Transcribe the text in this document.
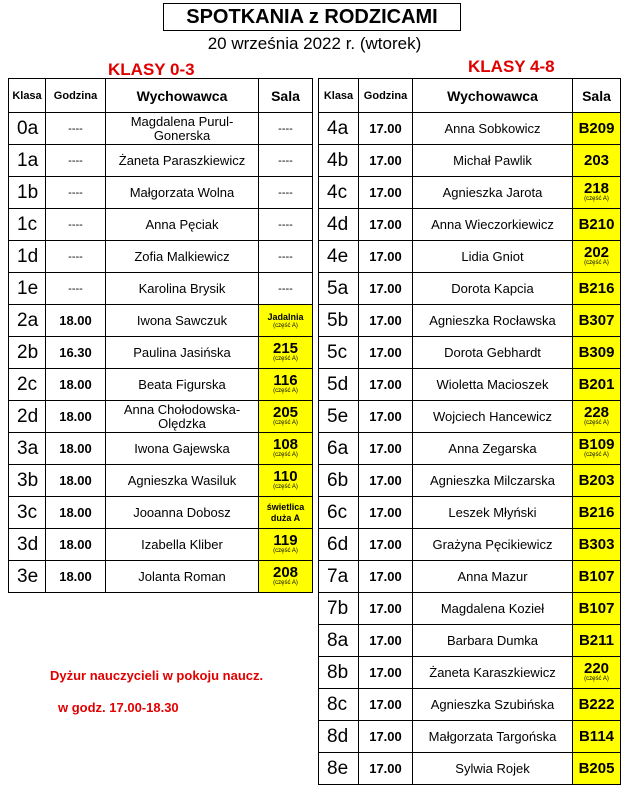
SPOTKANIA z RODZICAMI
20 września 2022 r. (wtorek)
KLASY 0-3	KLASY 4-8
Klasa	Godzina	Wychowawca	Sala
0a	----	Magdalena Purul-Gonerska	----

1a	----	Żaneta Paraszkiewicz	----

1b	----	Małgorzata Wolna	----

1c	----	Anna Pęciak	----

1d	----	Zofia Malkiewicz	----

1e	----	Karolina Brysik	----

2a	18.00	Iwona Sawczuk	Jadalnia
(część A)

2b	16.30	Paulina Jasińska	215
(część A)

2c	18.00	Beata Figurska	116
(część A)

2d	18.00	Anna Chołodowska-Olędzka	205
(część A)

3a	18.00	Iwona Gajewska	108
(część A)

3b	18.00	Agnieszka Wasiluk	110
(część A)

3c	18.00	Jooanna Dobosz	świetlica duża A

3d	18.00	Izabella Kliber	119
(część A)

3e	18.00	Jolanta Roman	208
(część A)
Klasa	Godzina	Wychowawca	Sala
4a	17.00	Anna Sobkowicz	B209

4b	17.00	Michał Pawlik	203

4c	17.00	Agnieszka Jarota	218
(część A)

4d	17.00	Anna Wieczorkiewicz	B210

4e	17.00	Lidia Gniot	202
(część A)

5a	17.00	Dorota Kapcia	B216

5b	17.00	Agnieszka Rocławska	B307

5c	17.00	Dorota Gebhardt	B309

5d	17.00	Wioletta Macioszek	B201

5e	17.00	Wojciech Hancewicz	228
(część A)

6a	17.00	Anna Zegarska	B109
(część A)

6b	17.00	Agnieszka Milczarska	B203

6c	17.00	Leszek Młyński	B216

6d	17.00	Grażyna Pęcikiewicz	B303

7a	17.00	Anna Mazur	B107

7b	17.00	Magdalena Kozieł	B107

8a	17.00	Barbara Dumka	B211

8b	17.00	Żaneta Karaszkiewicz	220
(część A)

8c	17.00	Agnieszka Szubińska	B222

8d	17.00	Małgorzata Targońska	B114

8e	17.00	Sylwia Rojek	B205
Dyżur nauczycieli w pokoju naucz.
w godz. 17.00-18.30
